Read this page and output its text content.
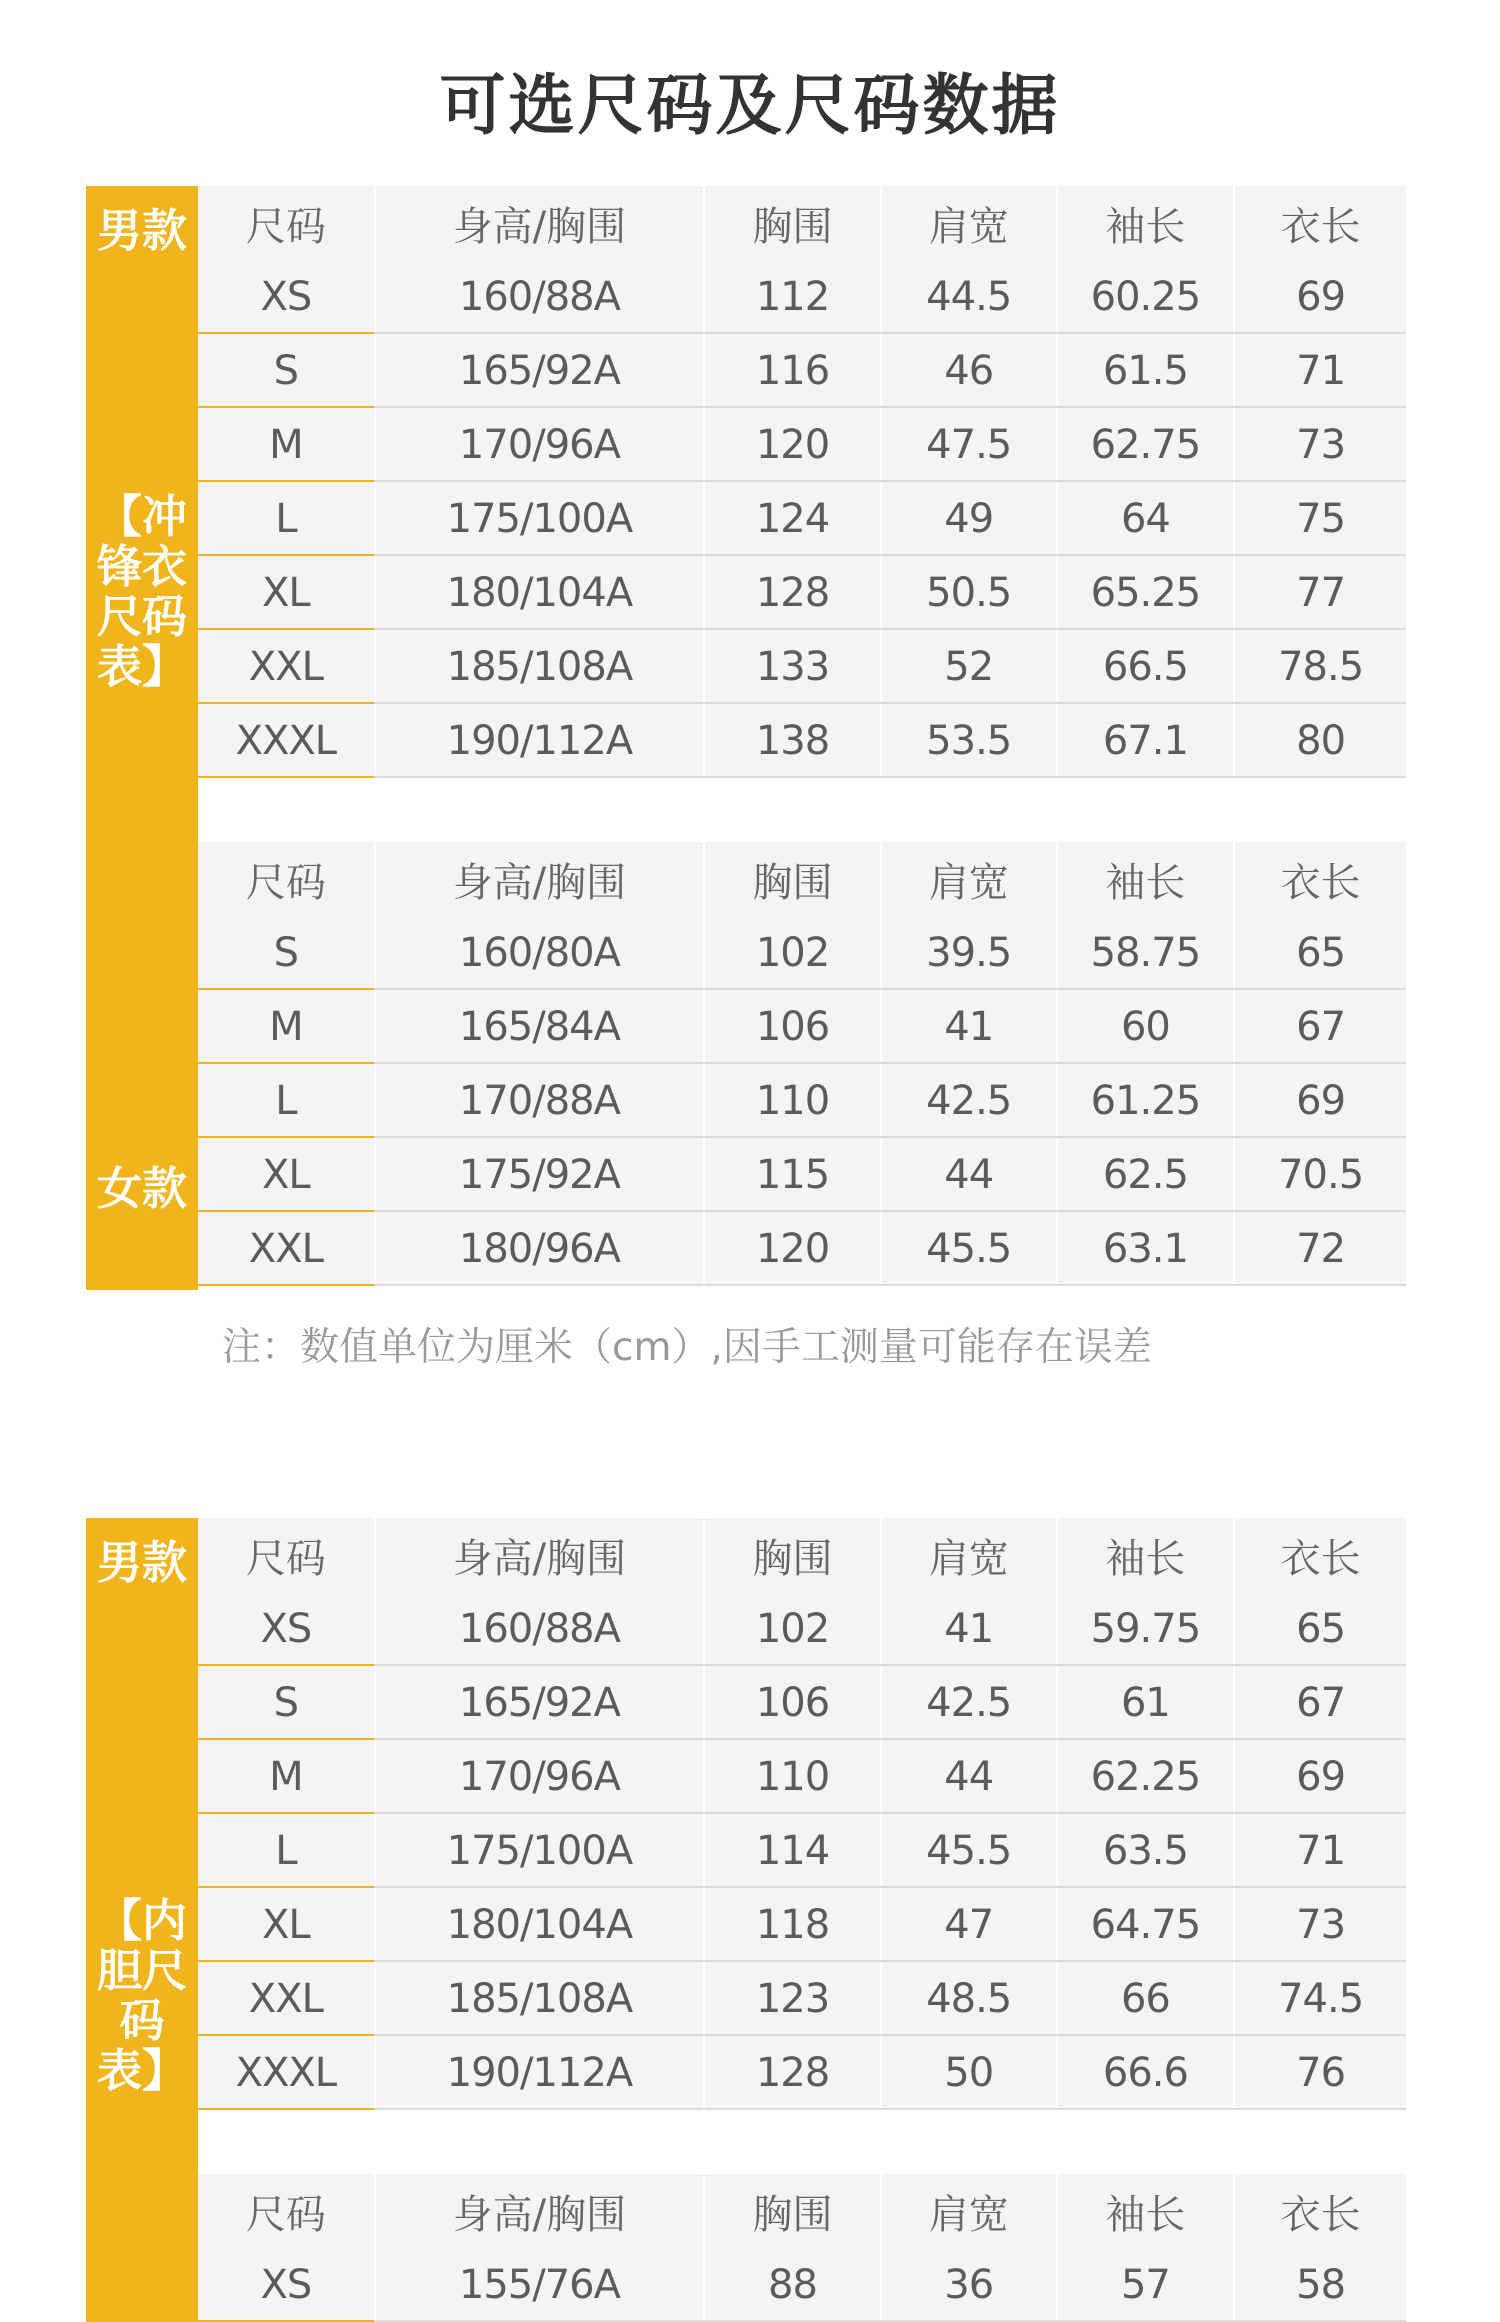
可选尺码及尺码数据
男款
【冲锋衣尺码表】
女款
尺码	身高/胸围	胸围	肩宽	袖长	衣长
XS	160/88A	112	44.5	60.25	69
S	165/92A	116	46	61.5	71
M	170/96A	120	47.5	62.75	73
L	175/100A	124	49	64	75
XL	180/104A	128	50.5	65.25	77
XXL	185/108A	133	52	66.5	78.5
XXXL	190/112A	138	53.5	67.1	80
尺码	身高/胸围	胸围	肩宽	袖长	衣长
S	160/80A	102	39.5	58.75	65
M	165/84A	106	41	60	67
L	170/88A	110	42.5	61.25	69
XL	175/92A	115	44	62.5	70.5
XXL	180/96A	120	45.5	63.1	72
注：数值单位为厘米（cm）,因手工测量可能存在误差
男款
【内胆尺码表】
尺码	身高/胸围	胸围	肩宽	袖长	衣长
XS	160/88A	102	41	59.75	65
S	165/92A	106	42.5	61	67
M	170/96A	110	44	62.25	69
L	175/100A	114	45.5	63.5	71
XL	180/104A	118	47	64.75	73
XXL	185/108A	123	48.5	66	74.5
XXXL	190/112A	128	50	66.6	76
尺码	身高/胸围	胸围	肩宽	袖长	衣长
XS	155/76A	88	36	57	58
